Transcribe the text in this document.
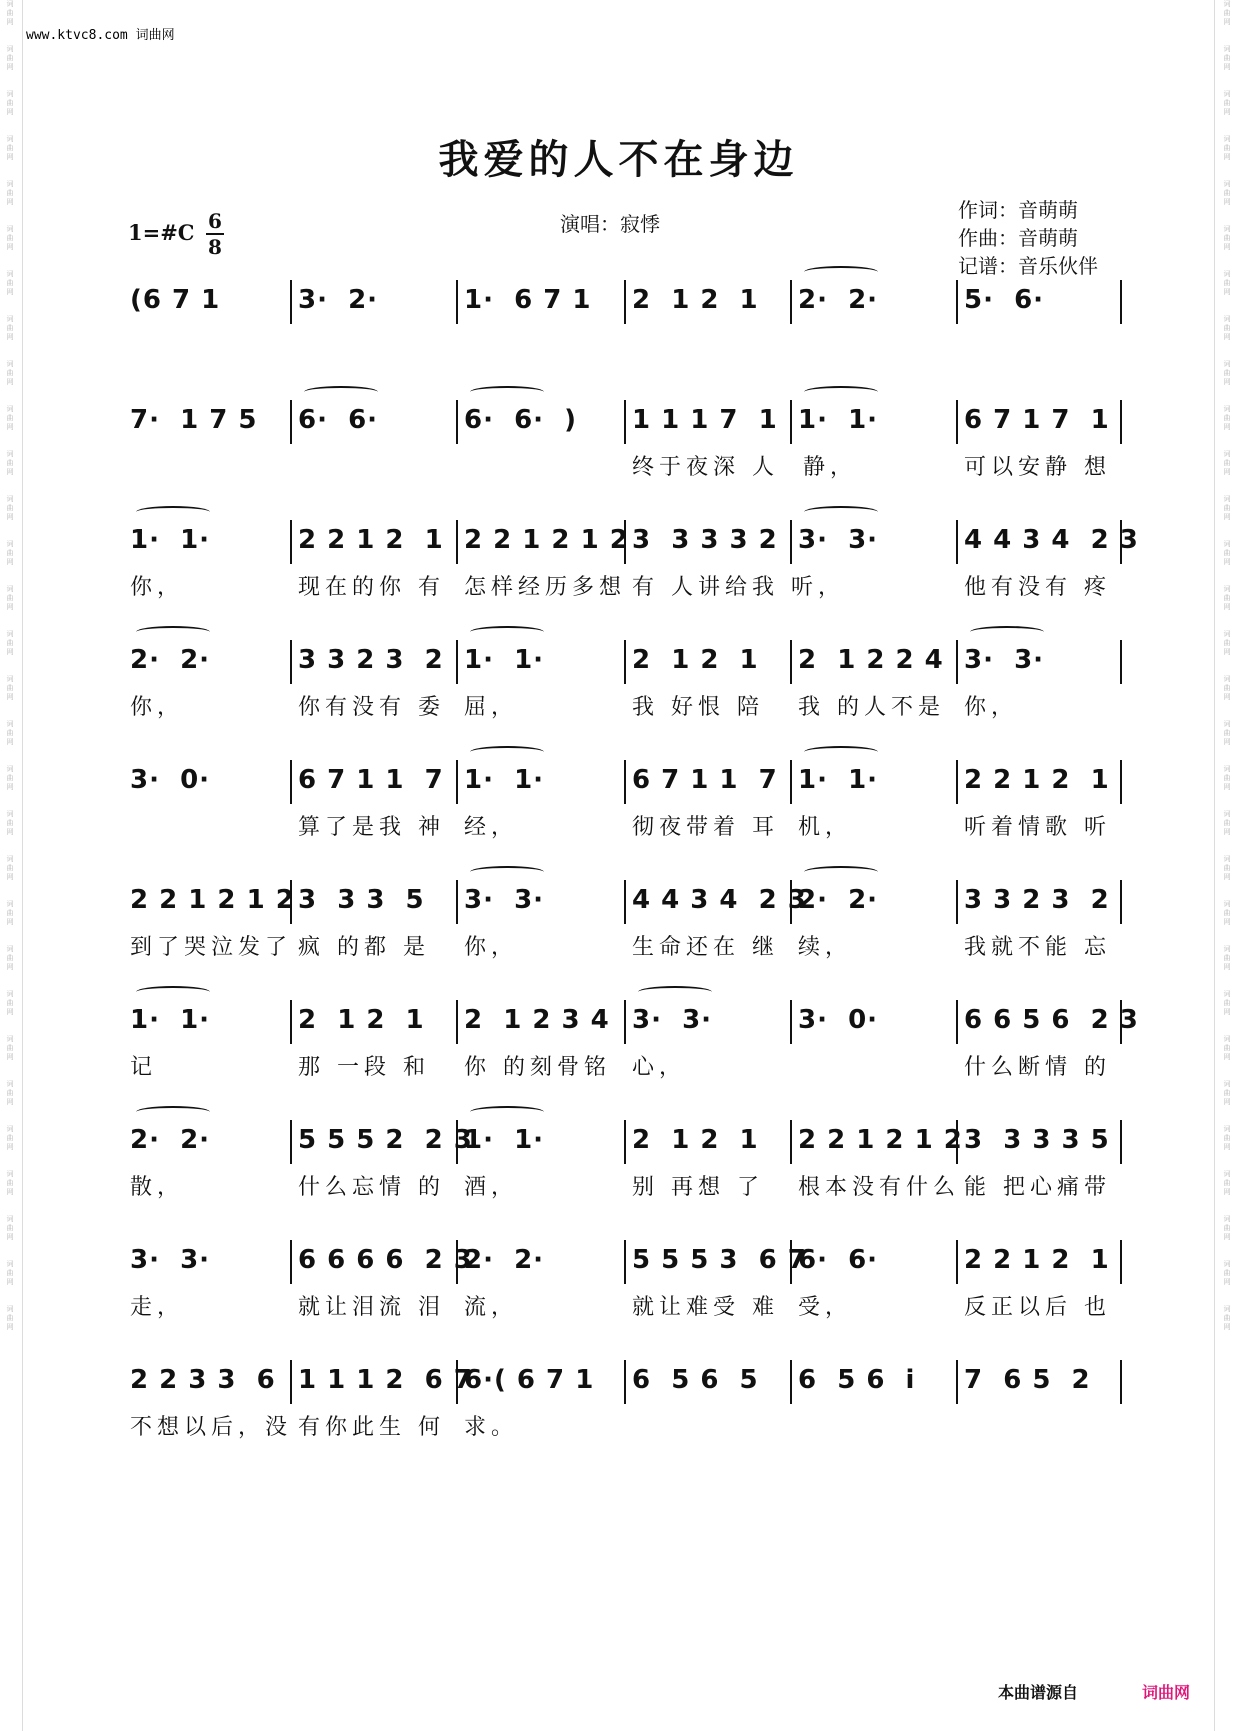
词
曲
网
词
曲
网
词
曲
网
词
曲
网
词
曲
网
词
曲
网
词
曲
网
词
曲
网
词
曲
网
词
曲
网
词
曲
网
词
曲
网
词
曲
网
词
曲
网
词
曲
网
词
曲
网
词
曲
网
词
曲
网
词
曲
网
词
曲
网
词
曲
网
词
曲
网
词
曲
网
词
曲
网
词
曲
网
词
曲
网
词
曲
网
词
曲
网
词
曲
网
词
曲
网
词
曲
网
词
曲
网
词
曲
网
词
曲
网
词
曲
网
词
曲
网
词
曲
网
词
曲
网
词
曲
网
词
曲
网
词
曲
网
词
曲
网
词
曲
网
词
曲
网
词
曲
网
词
曲
网
词
曲
网
词
曲
网
词
曲
网
词
曲
网
词
曲
网
词
曲
网
词
曲
网
词
曲
网
词
曲
网
词
曲
网
词
曲
网
词
曲
网
词
曲
网
词
曲
网
www.ktvc8.com 词曲网
我爱的人不在身边
1=#C 6
8
演唱：寂悸
作词：音萌萌
作曲：音萌萌
记谱：音乐伙伴
(6 7 1	3·  2·	1·  6 7 1 2  1 2  1 2·  2·	5·  6·
7·  1 7 5 6·  6·	6·  6·  ) 1 1 1 7  1 1·  1·	6 7 1 7  1
终于夜深 人  静，	可以安静 想
1·  1·	2 2 1 2  1 2 2 1 2 1 2 3  3 3 3 2 3·  3·	4 4 3 4  2 3
你，	现在的你 有 怎样经历多想 有 人讲给我 听，	他有没有 疼
2·  2·	3 3 2 3  2 1·  1·	2  1 2  1 2  1 2 2 4 3·  3·
你，	你有没有 委 屈，	我 好恨 陪 我 的人不是 你，
3·  0·	6 7 1 1  7 1·  1·	6 7 1 1  7 1·  1·	2 2 1 2  1
算了是我 神 经，	彻夜带着 耳 机，	听着情歌 听
2 2 1 2 1 2 3  3 3  5 3·  3·	4 4 3 4  2 3
2·  2·	3 3 2 3  2
到了哭泣发了 疯 的都 是 你，	生命还在 继 续，	我就不能 忘
1·  1·	2  1 2  1 2  1 2 3 4 3·  3·	3·  0·	6 6 5 6  2 3
记	那 一段 和 你 的刻骨铭 心，	什么断情 的
2·  2·	5 5 5 2  2 3
1·  1·	2  1 2  1 2 2 1 2 1 2 3  3 3 3 5
散，	什么忘情 的 酒，	别 再想 了 根本没有什么 能 把心痛带
3·  3·	6 6 6 6  2 3
2·  2·	5 5 5 3  6 7
6·  6·	2 2 1 2  1
走，	就让泪流 泪 流，	就让难受 难 受，	反正以后 也
2 2 3 3  6 1 1 1 2  6 7
6·( 6 7 1 6  5 6  5 6  5 6  i 7  6 5  2
不想以后，没 有你此生 何 求。
本曲谱源自	词曲网
